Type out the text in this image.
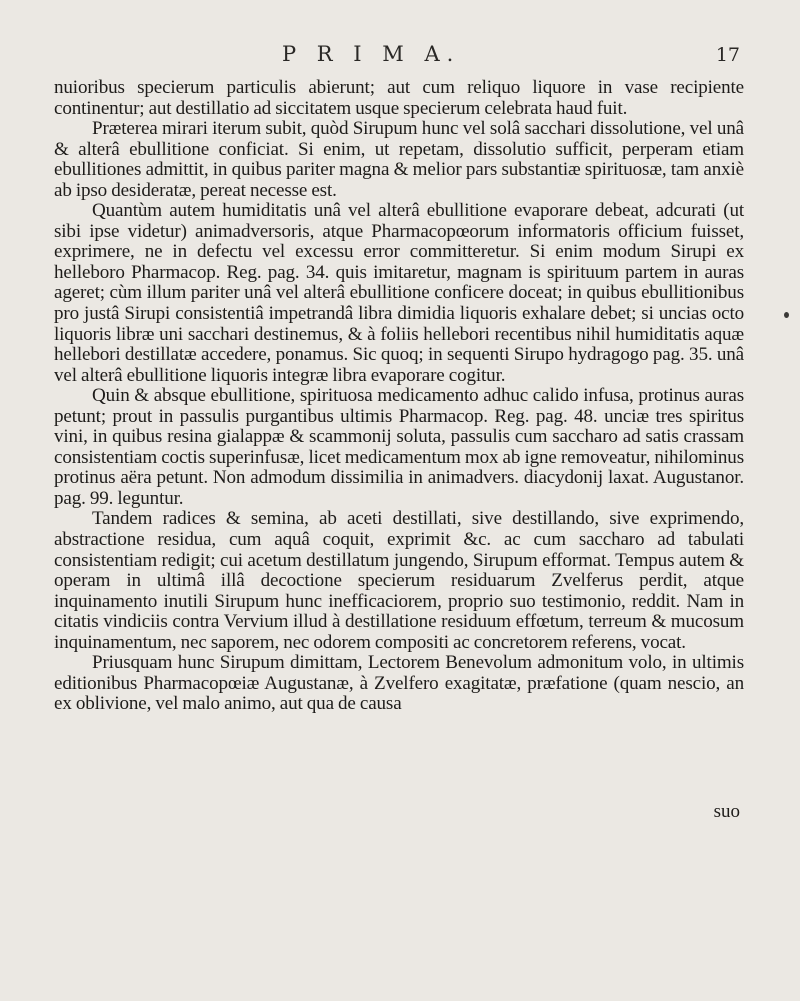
P R I M A.	17

nuioribus specierum particulis abierunt; aut cum reliquo liquore in vase recipiente continentur; aut destillatio ad siccitatem usque specierum celebrata haud fuit.

Præterea mirari iterum subit, quòd Sirupum hunc vel solâ sacchari dissolutione, vel unâ & alterâ ebullitione conficiat. Si enim, ut repetam, dissolutio sufficit, perperam etiam ebullitiones admittit, in quibus pariter magna & melior pars substantiæ spirituosæ, tam anxiè ab ipso desideratæ, pereat necesse est.

Quantùm autem humiditatis unâ vel alterâ ebullitione evaporare debeat, adcurati (ut sibi ipse videtur) animadversoris, atque Pharmacopœorum informatoris officium fuisset, exprimere, ne in defectu vel excessu error committeretur. Si enim modum Sirupi ex helleboro Pharmacop. Reg. pag. 34. quis imitaretur, magnam is spirituum partem in auras ageret; cùm illum pariter unâ vel alterâ ebullitione conficere doceat; in quibus ebullitionibus pro justâ Sirupi consistentiâ impetrandâ libra dimidia liquoris exhalare debet; si uncias octo liquoris libræ uni sacchari destinemus, & à foliis hellebori recentibus nihil humiditatis aquæ hellebori destillatæ accedere, ponamus. Sic quoq; in sequenti Sirupo hydragogo pag. 35. unâ vel alterâ ebullitione liquoris integræ libra evaporare cogitur.

Quin & absque ebullitione, spirituosa medicamento adhuc calido infusa, protinus auras petunt; prout in passulis purgantibus ultimis Pharmacop. Reg. pag. 48. unciæ tres spiritus vini, in quibus resina gialappæ & scammonij soluta, passulis cum saccharo ad satis crassam consistentiam coctis superinfusæ, licet medicamentum mox ab igne removeatur, nihilominus protinus aëra petunt. Non admodum dissimilia in animadvers. diacydonij laxat. Augustanor. pag. 99. leguntur.

Tandem radices & semina, ab aceti destillati, sive destillando, sive exprimendo, abstractione residua, cum aquâ coquit, exprimit &c. ac cum saccharo ad tabulati consistentiam redigit; cui acetum destillatum jungendo, Sirupum efformat. Tempus autem & operam in ultimâ illâ decoctione specierum residuarum Zvelferus perdit, atque inquinamento inutili Sirupum hunc inefficaciorem, proprio suo testimonio, reddit. Nam in citatis vindiciis contra Vervium illud à destillatione residuum effœtum, terreum & mucosum inquinamentum, nec saporem, nec odorem compositi ac concretorem referens, vocat.

Priusquam hunc Sirupum dimittam, Lectorem Benevolum admonitum volo, in ultimis editionibus Pharmacopœiæ Augustanæ, à Zvelfero exagitatæ, præfatione (quam nescio, an ex oblivione, vel malo animo, aut qua de causa

suo
